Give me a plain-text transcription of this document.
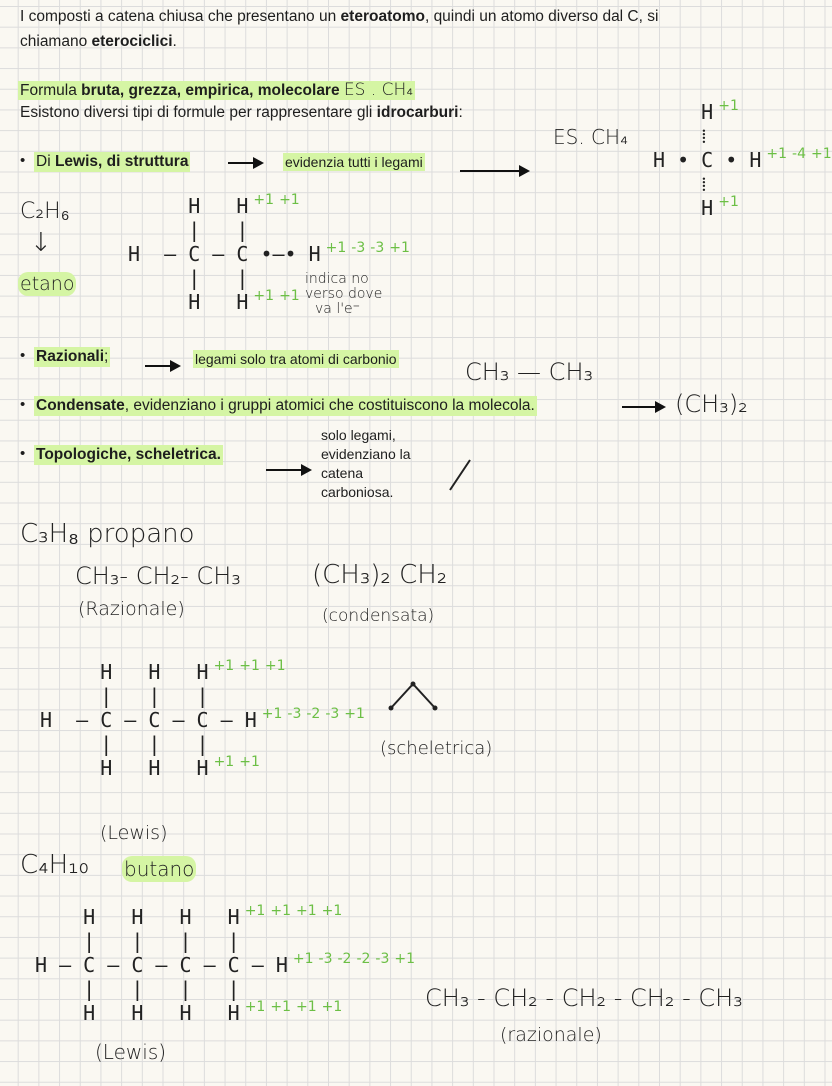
I composti a catena chiusa che presentano un eteroatomo, quindi un atomo diverso dal C, si
chiamano eterociclici.
Formula bruta, grezza, empirica, molecolare ES . CH₄
Esistono diversi tipi di formule per rappresentare gli idrocarburi:
• Di Lewis, di struttura	evidenzia tutti i legami
ES. CH₄
H +1
⁞
H • C • H +1 -4 +1
⁞
H +1
C₂H₆
↓
etano
H   H +1 +1
|   |
H  – C – C •–• H +1 -3 -3 +1
|   |
H   H +1 +1
indica no
verso dove
va l'e⁻
• Razionali;	legami solo tra atomi di carbonio	CH₃ — CH₃
• Condensate, evidenziano i gruppi atomici che costituiscono la molecola.	(CH₃)₂
• Topologiche, scheletrica.
solo legami,
evidenziano la
catena
carboniosa.
C₃H₈ propano
CH₃- CH₂- CH₃
(Razionale)
(CH₃)₂ CH₂
(condensata)
H   H   H +1 +1 +1
|   |   |
H  – C – C – C – H +1 -3 -2 -3 +1
|   |   |
H   H   H +1 +1
(Lewis)
(scheletrica)
C₄H₁₀ butano
H   H   H   H +1 +1 +1 +1
|   |   |   |
H – C – C – C – C – H +1 -3 -2 -2 -3 +1
|   |   |   |
H   H   H   H +1 +1 +1 +1
(Lewis)
CH₃ - CH₂ - CH₂ - CH₂ - CH₃
(razionale)
